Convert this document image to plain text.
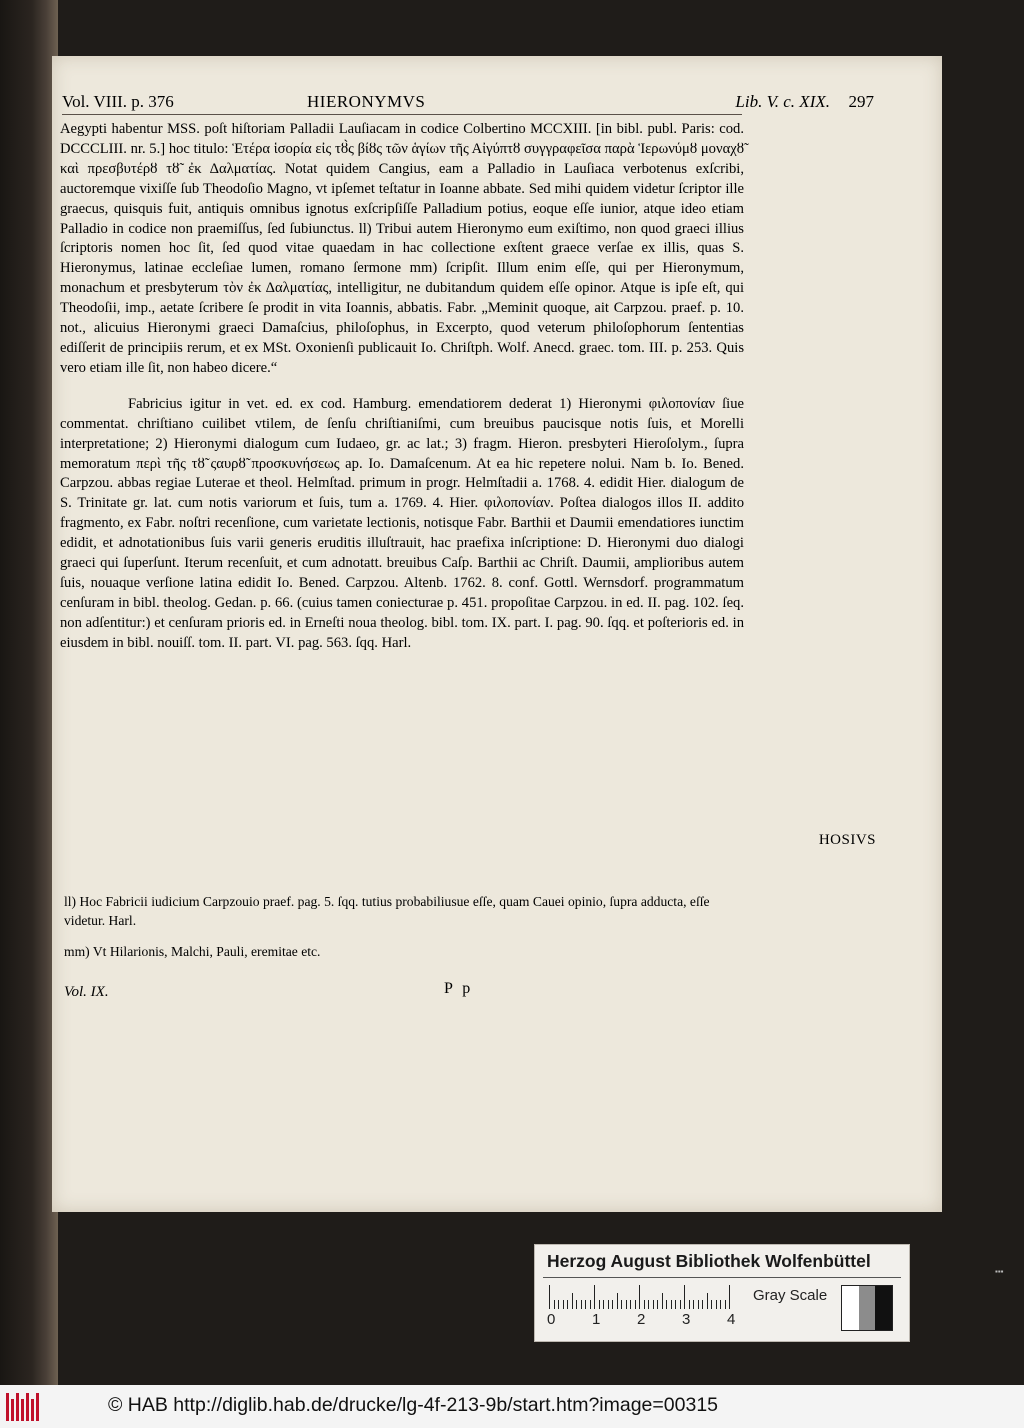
Vol. VIII. p. 376	HIERONYMVS	Lib. V. c. XIX. 297

Aegypti habentur MSS. poſt hiſtoriam Palladii Lauſiacam in codice Colbertino MCCXIII. [in bibl. publ. Paris: cod. DCCCLIII. nr. 5.] hoc titulo: Ἑτέρα ἱσορία εἰς τȣ̀ς βίȣς τῶν ἁγίων τῆς Αἰγύπτȣ συγγραφεῖσα παρὰ Ἱερωνύμȣ μοναχȣ̃ καὶ πρεσβυτέρȣ τȣ̃ ἐκ Δαλματίας. Notat quidem Cangius, eam a Palladio in Lauſiaca verbotenus exſcribi, auctoremque vixiſſe ſub Theodoſio Magno, vt ipſemet teſtatur in Ioanne abbate. Sed mihi quidem videtur ſcriptor ille graecus, quisquis fuit, antiquis omnibus ignotus exſcripſiſſe Palladium potius, eoque eſſe iunior, atque ideo etiam Palladio in codice non praemiſſus, ſed ſubiunctus. ll) Tribui autem Hieronymo eum exiſtimo, non quod graeci illius ſcriptoris nomen hoc ſit, ſed quod vitae quaedam in hac collectione exſtent graece verſae ex illis, quas S. Hieronymus, latinae eccleſiae lumen, romano ſermone mm) ſcripſit. Illum enim eſſe, qui per Hieronymum, monachum et presbyterum τὸν ἐκ Δαλματίας, intelligitur, ne dubitandum quidem eſſe opinor. Atque is ipſe eſt, qui Theodoſii, imp., aetate ſcribere ſe prodit in vita Ioannis, abbatis. Fabr. „Meminit quoque, ait Carpzou. praef. p. 10. not., alicuius Hieronymi graeci Damaſcius, philoſophus, in Excerpto, quod veterum philoſophorum ſententias ediſſerit de principiis rerum, et ex MSt. Oxonienſi publicauit Io. Chriſtph. Wolf. Anecd. graec. tom. III. p. 253. Quis vero etiam ille ſit, non habeo dicere.“

Fabricius igitur in vet. ed. ex cod. Hamburg. emendatiorem dederat 1) Hieronymi φιλοπονίαν ſiue commentat. chriſtiano cuilibet vtilem, de ſenſu chriſtianiſmi, cum breuibus paucisque notis ſuis, et Morelli interpretatione; 2) Hieronymi dialogum cum Iudaeo, gr. ac lat.; 3) fragm. Hieron. presbyteri Hieroſolym., ſupra memoratum περὶ τῆς τȣ̃ ςαυρȣ̃ προσκυνήσεως ap. Io. Damaſcenum. At ea hic repetere nolui. Nam b. Io. Bened. Carpzou. abbas regiae Luterae et theol. Helmſtad. primum in progr. Helmſtadii a. 1768. 4. edidit Hier. dialogum de S. Trinitate gr. lat. cum notis variorum et ſuis, tum a. 1769. 4. Hier. φιλοπονίαν. Poſtea dialogos illos II. addito fragmento, ex Fabr. noſtri recenſione, cum varietate lectionis, notisque Fabr. Barthii et Daumii emendatiores iunctim edidit, et adnotationibus ſuis varii generis eruditis illuſtrauit, hac praefixa inſcriptione: D. Hieronymi duo dialogi graeci qui ſuperſunt. Iterum recenſuit, et cum adnotatt. breuibus Caſp. Barthii ac Chriſt. Daumii, amplioribus autem ſuis, nouaque verſione latina edidit Io. Bened. Carpzou. Altenb. 1762. 8. conf. Gottl. Wernsdorf. programmatum cenſuram in bibl. theolog. Gedan. p. 66. (cuius tamen coniecturae p. 451. propoſitae Carpzou. in ed. II. pag. 102. ſeq. non adſentitur:) et cenſuram prioris ed. in Erneſti noua theolog. bibl. tom. IX. part. I. pag. 90. ſqq. et poſterioris ed. in eiusdem in bibl. nouiſſ. tom. II. part. VI. pag. 563. ſqq. Harl.

HOSIVS

ll) Hoc Fabricii iudicium Carpzouio praef. pag. 5. ſqq. tutius probabiliusue eſſe, quam Cauei opinio, ſupra adducta, eſſe videtur. Harl.

mm) Vt Hilarionis, Malchi, Pauli, eremitae etc.

Vol. IX.	P p
Herzog August Bibliothek Wolfenbüttel
0 1 2 3 4
Gray Scale
▪▪▪
© HAB http://diglib.hab.de/drucke/lg-4f-213-9b/start.htm?image=00315
